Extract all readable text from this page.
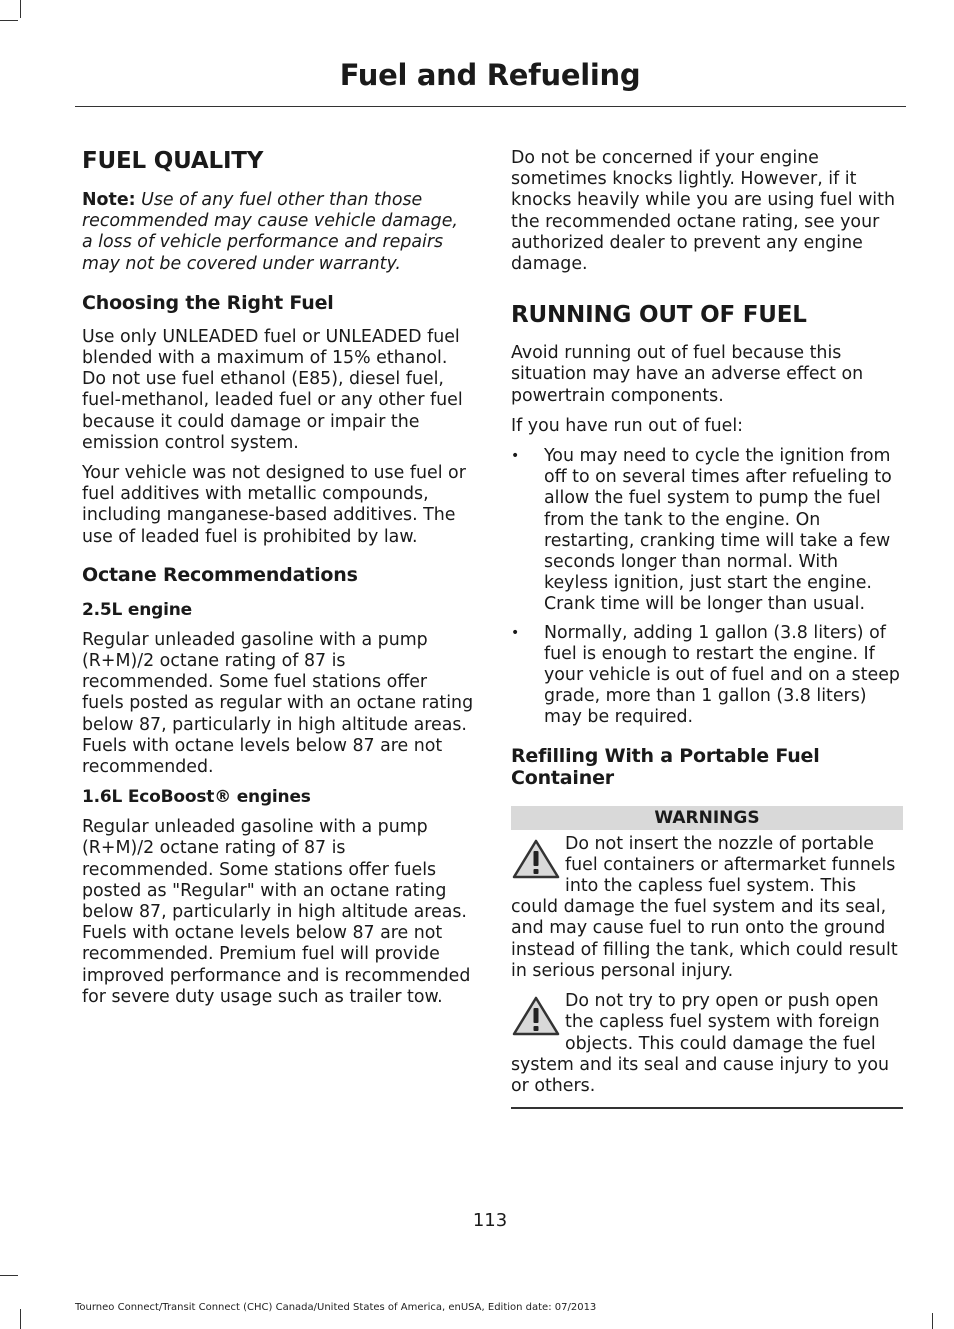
Fuel and Refueling
FUEL QUALITY

Note: Use of any fuel other than those recommended may cause vehicle damage, a loss of vehicle performance and repairs may not be covered under warranty.

Choosing the Right Fuel

Use only UNLEADED fuel or UNLEADED fuel blended with a maximum of 15% ethanol. Do not use fuel ethanol (E85), diesel fuel, fuel-methanol, leaded fuel or any other fuel because it could damage or impair the emission control system.

Your vehicle was not designed to use fuel or fuel additives with metallic compounds, including manganese-based additives. The use of leaded fuel is prohibited by law.

Octane Recommendations
2.5L engine

Regular unleaded gasoline with a pump (R+M)/2 octane rating of 87 is recommended. Some fuel stations offer fuels posted as regular with an octane rating below 87, particularly in high altitude areas. Fuels with octane levels below 87 are not recommended.

1.6L EcoBoost® engines

Regular unleaded gasoline with a pump (R+M)/2 octane rating of 87 is recommended. Some stations offer fuels posted as "Regular" with an octane rating below 87, particularly in high altitude areas. Fuels with octane levels below 87 are not recommended. Premium fuel will provide improved performance and is recommended for severe duty usage such as trailer tow.

Do not be concerned if your engine sometimes knocks lightly. However, if it knocks heavily while you are using fuel with the recommended octane rating, see your authorized dealer to prevent any engine damage.

RUNNING OUT OF FUEL

Avoid running out of fuel because this situation may have an adverse effect on powertrain components.

If you have run out of fuel:

• You may need to cycle the ignition from off to on several times after refueling to allow the fuel system to pump the fuel from the tank to the engine. On restarting, cranking time will take a few seconds longer than normal. With keyless ignition, just start the engine. Crank time will be longer than usual.
• Normally, adding 1 gallon (3.8 liters) of fuel is enough to restart the engine. If your vehicle is out of fuel and on a steep grade, more than 1 gallon (3.8 liters) may be required.
Refilling With a Portable Fuel Container
WARNINGS
Do not insert the nozzle of portable fuel containers or aftermarket funnels into the capless fuel system. This could damage the fuel system and its seal, and may cause fuel to run onto the ground instead of filling the tank, which could result in serious personal injury.
Do not try to pry open or push open the capless fuel system with foreign objects. This could damage the fuel system and its seal and cause injury to you or others.
113
Tourneo Connect/Transit Connect (CHC) Canada/United States of America, enUSA, Edition date: 07/2013
